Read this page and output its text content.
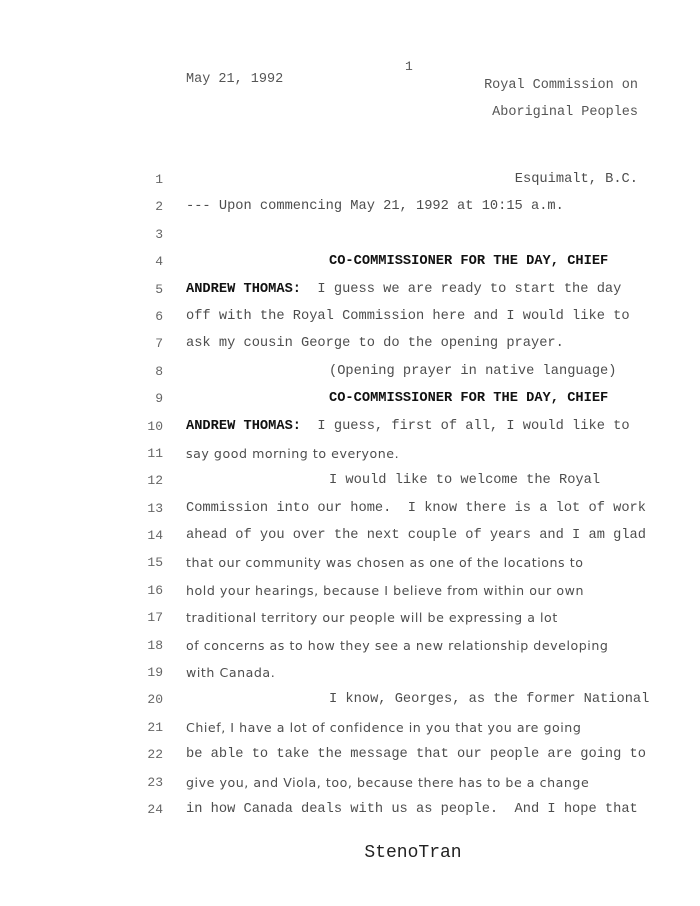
1
May 21, 1992	Royal Commission on
Aboriginal Peoples
1	Esquimalt, B.C.
2 --- Upon commencing May 21, 1992 at 10:15 a.m.
3
4	CO-COMMISSIONER FOR THE DAY, CHIEF
5 ANDREW THOMAS:  I guess we are ready to start the day
6 off with the Royal Commission here and I would like to
7 ask my cousin George to do the opening prayer.
8	(Opening prayer in native language)
9	CO-COMMISSIONER FOR THE DAY, CHIEF
10 ANDREW THOMAS:  I guess, first of all, I would like to
11 say good morning to everyone.
12	I would like to welcome the Royal
13 Commission into our home.  I know there is a lot of work
14 ahead of you over the next couple of years and I am glad
15 that our community was chosen as one of the locations to
16 hold your hearings, because I believe from within our own
17 traditional territory our people will be expressing a lot
18 of concerns as to how they see a new relationship developing
19 with Canada.
20	I know, Georges, as the former National
21 Chief, I have a lot of confidence in you that you are going
22 be able to take the message that our people are going to
23 give you, and Viola, too, because there has to be a change
24 in how Canada deals with us as people.  And I hope that
StenoTran
